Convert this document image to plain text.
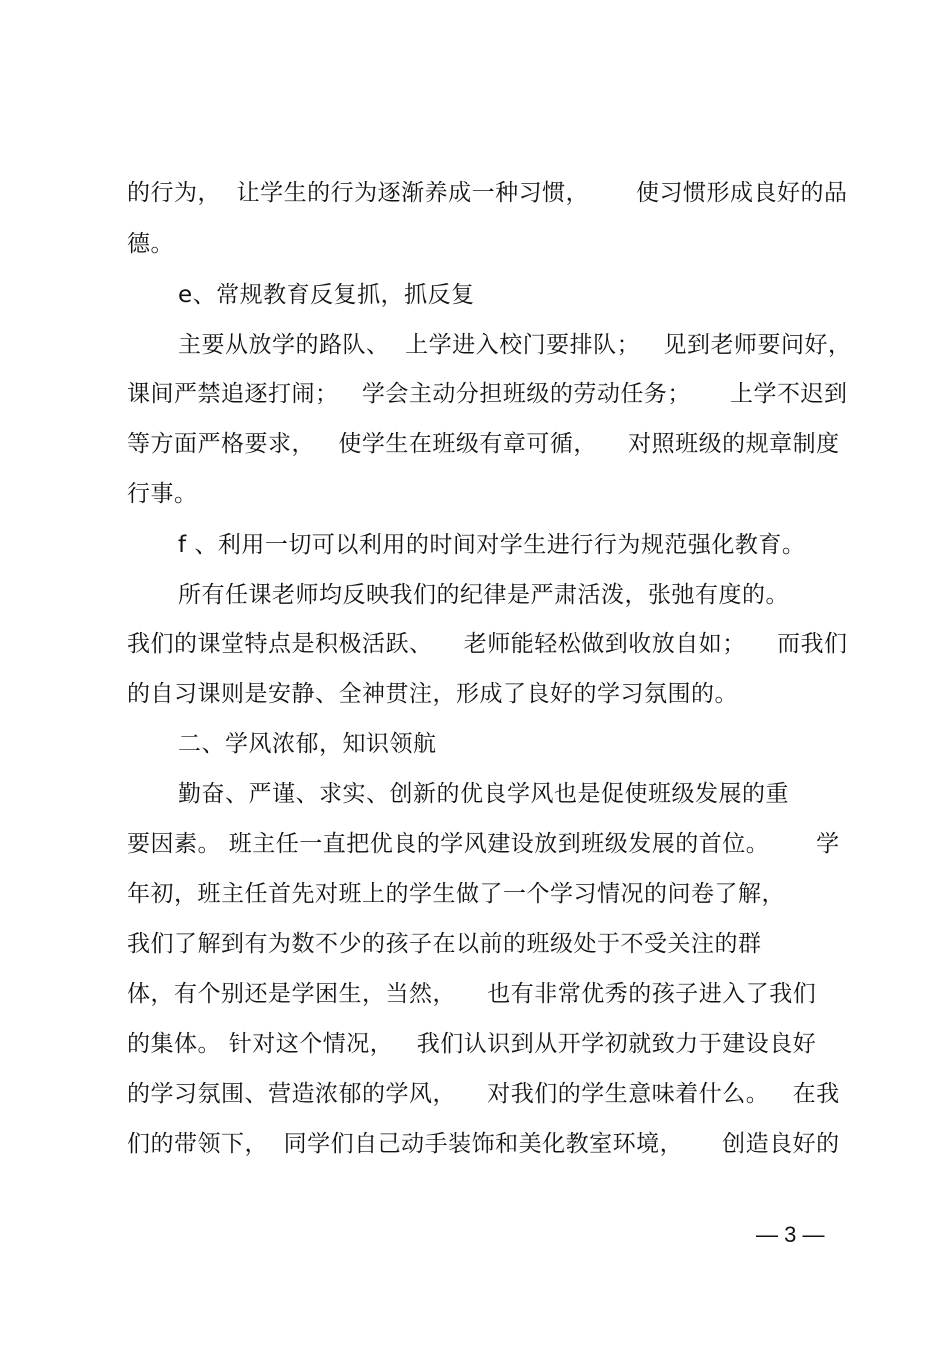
的行为，  让学生的行为逐渐养成一种习惯，      使习惯形成良好的品
德。
e、常规教育反复抓，抓反复
主要从放学的路队、  上学进入校门要排队；   见到老师要问好，
课间严禁追逐打闹；   学会主动分担班级的劳动任务；     上学不迟到
等方面严格要求，   使学生在班级有章可循，    对照班级的规章制度
行事。
f 、利用一切可以利用的时间对学生进行行为规范强化教育。
所有任课老师均反映我们的纪律是严肃活泼，张弛有度的。
我们的课堂特点是积极活跃、    老师能轻松做到收放自如；    而我们
的自习课则是安静、全神贯注，形成了良好的学习氛围的。
二、学风浓郁，知识领航
勤奋、严谨、求实、创新的优良学风也是促使班级发展的重
要因素。 班主任一直把优良的学风建设放到班级发展的首位。      学
年初，班主任首先对班上的学生做了一个学习情况的问卷了解，
我们了解到有为数不少的孩子在以前的班级处于不受关注的群
体，有个别还是学困生，当然，    也有非常优秀的孩子进入了我们
的集体。 针对这个情况，   我们认识到从开学初就致力于建设良好
的学习氛围、营造浓郁的学风，    对我们的学生意味着什么。   在我
们的带领下，  同学们自己动手装饰和美化教室环境，     创造良好的
— 3 —
